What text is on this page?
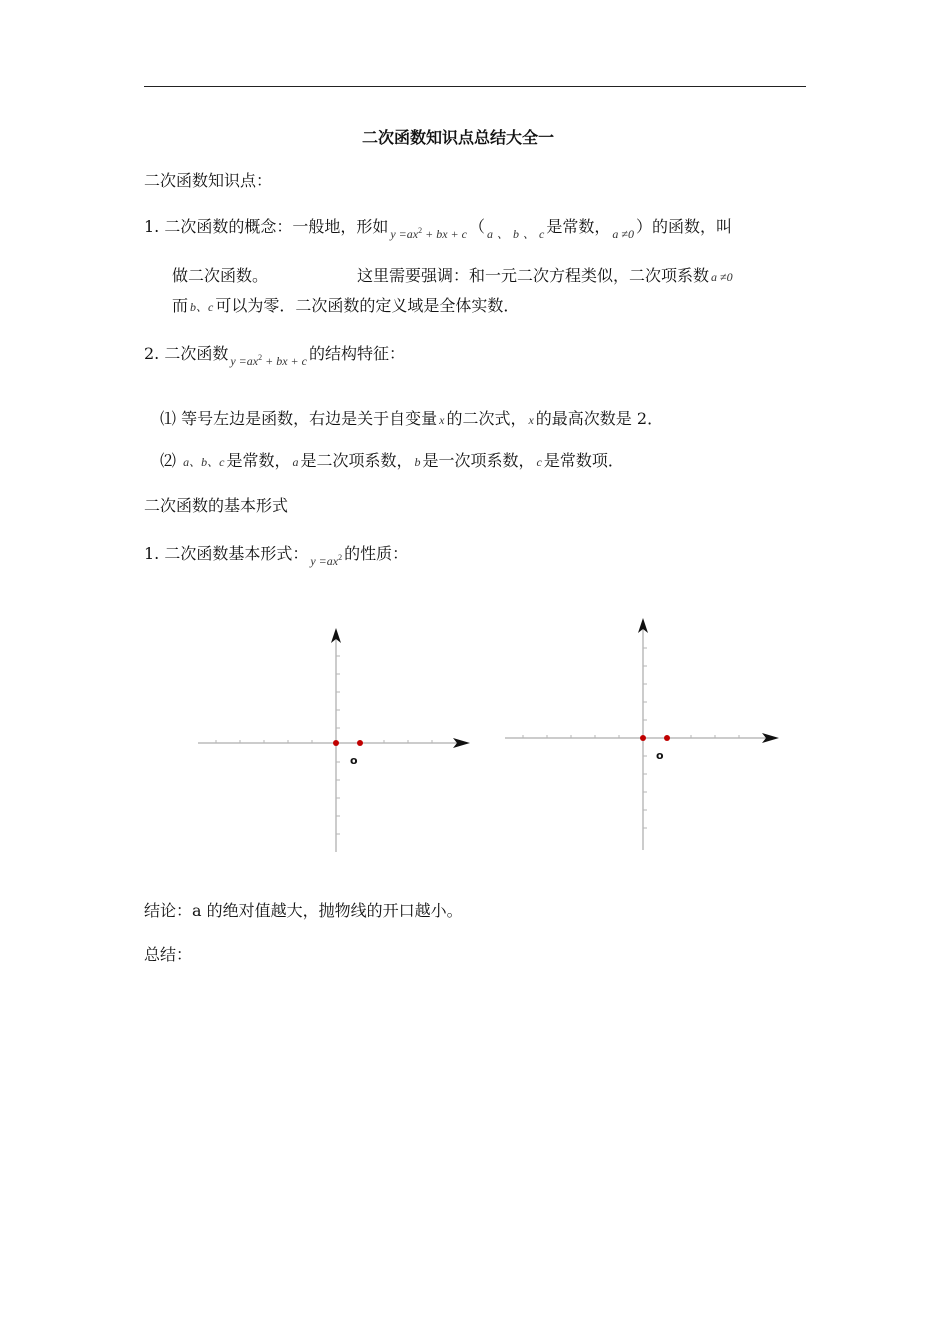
二次函数知识点总结大全一
二次函数知识点：
1. 二次函数的概念：一般地，形如 $_{y =ax^2 + bx + c}$ （ $_a$ $_、$ $_b$ $_、$ $_c$ 是常数， $_{a \ne 0}$ ）的函数，叫
做二次函数。	这里需要强调：和一元二次方程类似，二次项系数 a ≠0
而 b、c 可以为零．二次函数的定义域是全体实数．
2. 二次函数 $_{y =ax^2 + bx + c}$ 的结构特征：
⑴ 等号左边是函数，右边是关于自变量 x 的二次式， x 的最高次数是 2．
⑵ a、b、c 是常数， a 是二次项系数， b 是一次项系数， c 是常数项．
二次函数的基本形式
1. 二次函数基本形式： $_{y =ax^2}$ 的性质：
o	o
结论：a 的绝对值越大，抛物线的开口越小。
总结：
